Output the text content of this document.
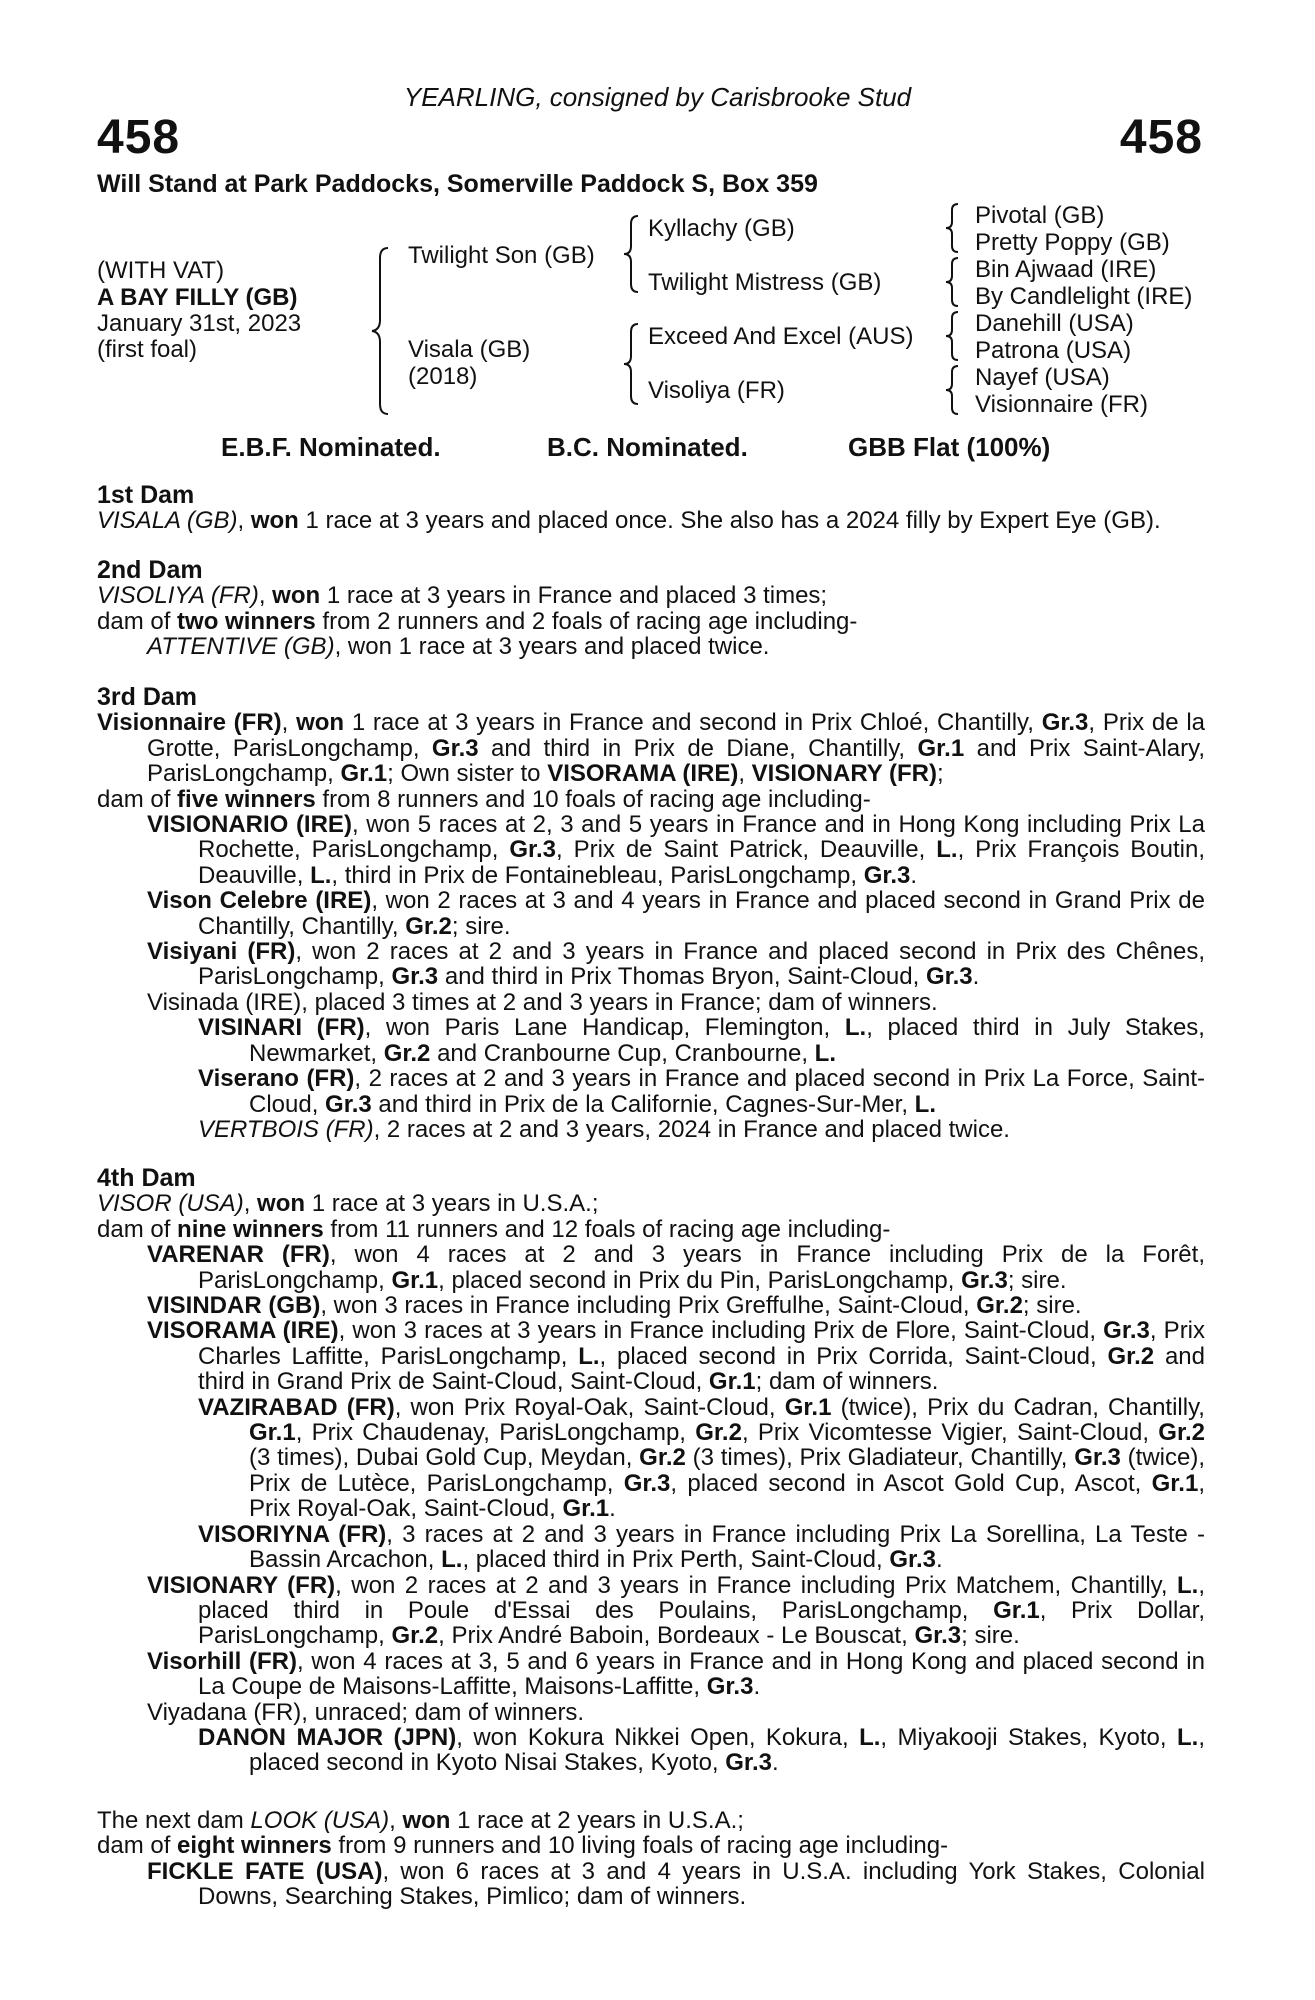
YEARLING, consigned by Carisbrooke Stud
458	458
Will Stand at Park Paddocks, Somerville Paddock S, Box 359
(WITH VAT)
A BAY FILLY (GB)
January 31st, 2023
(first foal)
Twilight Son (GB)
Visala (GB)
(2018)
Kyllachy (GB)
Twilight Mistress (GB)
Exceed And Excel (AUS)
Visoliya (FR)
Pivotal (GB)
Pretty Poppy (GB)
Bin Ajwaad (IRE)
By Candlelight (IRE)
Danehill (USA)
Patrona (USA)
Nayef (USA)
Visionnaire (FR)
E.B.F. Nominated.	B.C. Nominated.	GBB Flat (100%)

1st Dam

VISALA (GB), won 1 race at 3 years and placed once. She also has a 2024 filly by Expert Eye (GB).

2nd Dam

VISOLIYA (FR), won 1 race at 3 years in France and placed 3 times;

dam of two winners from 2 runners and 2 foals of racing age including-

ATTENTIVE (GB), won 1 race at 3 years and placed twice.

3rd Dam

Visionnaire (FR), won 1 race at 3 years in France and second in Prix Chloé, Chantilly, Gr.3, Prix de la Grotte, ParisLongchamp, Gr.3 and third in Prix de Diane, Chantilly, Gr.1 and Prix Saint-Alary, ParisLongchamp, Gr.1; Own sister to VISORAMA (IRE), VISIONARY (FR);

dam of five winners from 8 runners and 10 foals of racing age including-

VISIONARIO (IRE), won 5 races at 2, 3 and 5 years in France and in Hong Kong including Prix La Rochette, ParisLongchamp, Gr.3, Prix de Saint Patrick, Deauville, L., Prix François Boutin, Deauville, L., third in Prix de Fontainebleau, ParisLongchamp, Gr.3.

Vison Celebre (IRE), won 2 races at 3 and 4 years in France and placed second in Grand Prix de Chantilly, Chantilly, Gr.2; sire.

Visiyani (FR), won 2 races at 2 and 3 years in France and placed second in Prix des Chênes, ParisLongchamp, Gr.3 and third in Prix Thomas Bryon, Saint-Cloud, Gr.3.

Visinada (IRE), placed 3 times at 2 and 3 years in France; dam of winners.

VISINARI (FR), won Paris Lane Handicap, Flemington, L., placed third in July Stakes, Newmarket, Gr.2 and Cranbourne Cup, Cranbourne, L.

Viserano (FR), 2 races at 2 and 3 years in France and placed second in Prix La Force, Saint-Cloud, Gr.3 and third in Prix de la Californie, Cagnes-Sur-Mer, L.

VERTBOIS (FR), 2 races at 2 and 3 years, 2024 in France and placed twice.

4th Dam

VISOR (USA), won 1 race at 3 years in U.S.A.;

dam of nine winners from 11 runners and 12 foals of racing age including-

VARENAR (FR), won 4 races at 2 and 3 years in France including Prix de la Forêt, ParisLongchamp, Gr.1, placed second in Prix du Pin, ParisLongchamp, Gr.3; sire.

VISINDAR (GB), won 3 races in France including Prix Greffulhe, Saint-Cloud, Gr.2; sire.

VISORAMA (IRE), won 3 races at 3 years in France including Prix de Flore, Saint-Cloud, Gr.3, Prix Charles Laffitte, ParisLongchamp, L., placed second in Prix Corrida, Saint-Cloud, Gr.2 and third in Grand Prix de Saint-Cloud, Saint-Cloud, Gr.1; dam of winners.

VAZIRABAD (FR), won Prix Royal-Oak, Saint-Cloud, Gr.1 (twice), Prix du Cadran, Chantilly, Gr.1, Prix Chaudenay, ParisLongchamp, Gr.2, Prix Vicomtesse Vigier, Saint-Cloud, Gr.2 (3 times), Dubai Gold Cup, Meydan, Gr.2 (3 times), Prix Gladiateur, Chantilly, Gr.3 (twice), Prix de Lutèce, ParisLongchamp, Gr.3, placed second in Ascot Gold Cup, Ascot, Gr.1, Prix Royal-Oak, Saint-Cloud, Gr.1.

VISORIYNA (FR), 3 races at 2 and 3 years in France including Prix La Sorellina, La Teste - Bassin Arcachon, L., placed third in Prix Perth, Saint-Cloud, Gr.3.

VISIONARY (FR), won 2 races at 2 and 3 years in France including Prix Matchem, Chantilly, L., placed third in Poule d'Essai des Poulains, ParisLongchamp, Gr.1, Prix Dollar, ParisLongchamp, Gr.2, Prix André Baboin, Bordeaux - Le Bouscat, Gr.3; sire.

Visorhill (FR), won 4 races at 3, 5 and 6 years in France and in Hong Kong and placed second in La Coupe de Maisons-Laffitte, Maisons-Laffitte, Gr.3.

Viyadana (FR), unraced; dam of winners.

DANON MAJOR (JPN), won Kokura Nikkei Open, Kokura, L., Miyakooji Stakes, Kyoto, L., placed second in Kyoto Nisai Stakes, Kyoto, Gr.3.

The next dam LOOK (USA), won 1 race at 2 years in U.S.A.;

dam of eight winners from 9 runners and 10 living foals of racing age including-

FICKLE FATE (USA), won 6 races at 3 and 4 years in U.S.A. including York Stakes, Colonial Downs, Searching Stakes, Pimlico; dam of winners.
